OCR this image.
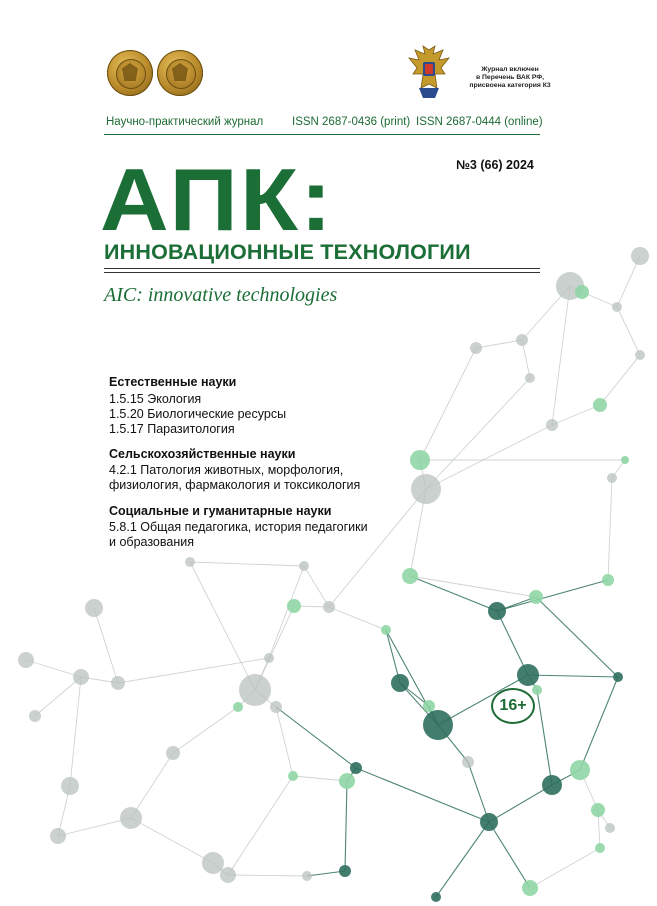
Журнал включен
в Перечень ВАК РФ,
присвоена категория К3
Научно-практический журнал ISSN 2687-0436 (print) ISSN 2687-0444 (online)
№3 (66) 2024
АПК:
ИННОВАЦИОННЫЕ ТЕХНОЛОГИИ
AIC: innovative technologies
Естественные науки
1.5.15 Экология
1.5.20 Биологические ресурсы
1.5.17 Паразитология
Сельскохозяйственные науки
4.2.1 Патология животных, морфология,
физиология, фармакология и токсикология
Социальные и гуманитарные науки
5.8.1 Общая педагогика, история педагогики
и образования
16+
